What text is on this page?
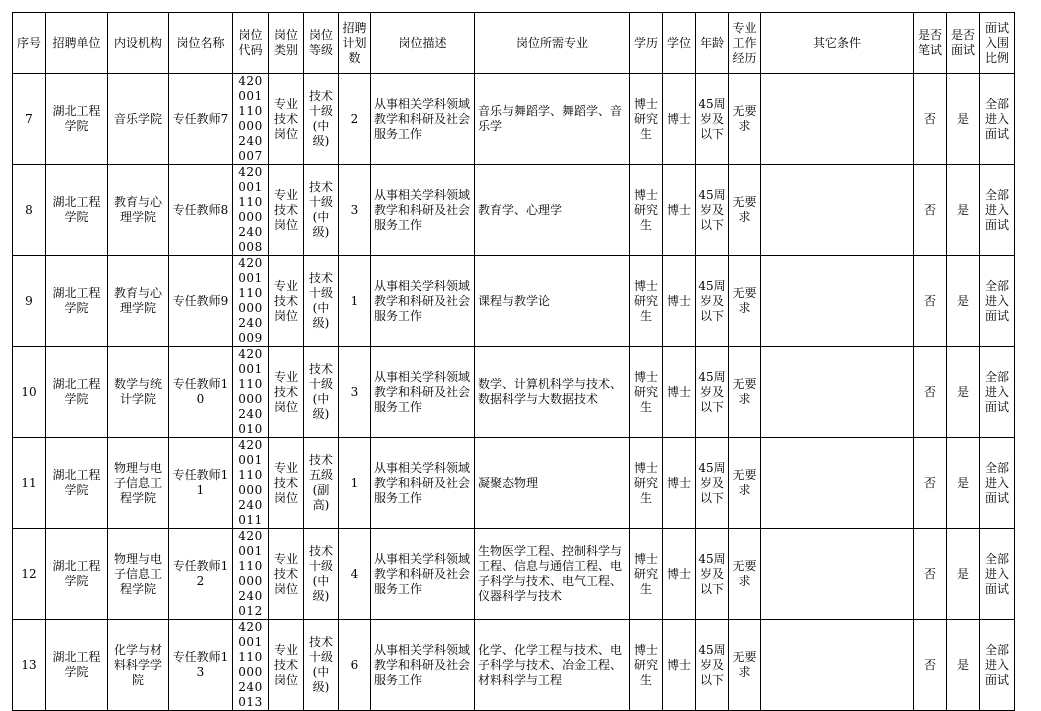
序号	招聘单位	内设机构	岗位名称	岗位代码	岗位类别	岗位等级	招聘计划数	岗位描述	岗位所需专业	学历	学位	年龄	专业工作经历	其它条件	是否笔试	是否面试	面试入围比例
7	湖北工程学院	音乐学院	专任教师7	420001110000240007	专业技术岗位	技术十级(中级)	2	从事相关学科领域教学和科研及社会服务工作	音乐与舞蹈学、舞蹈学、音乐学	博士研究生	博士	45周岁及以下	无要求		否	是	全部进入面试
8	湖北工程学院	教育与心理学院	专任教师8	420001110000240008	专业技术岗位	技术十级(中级)	3	从事相关学科领域教学和科研及社会服务工作	教育学、心理学	博士研究生	博士	45周岁及以下	无要求		否	是	全部进入面试
9	湖北工程学院	教育与心理学院	专任教师9	420001110000240009	专业技术岗位	技术十级(中级)	1	从事相关学科领域教学和科研及社会服务工作	课程与教学论	博士研究生	博士	45周岁及以下	无要求		否	是	全部进入面试
10	湖北工程学院	数学与统计学院	专任教师10	420001110000240010	专业技术岗位	技术十级(中级)	3	从事相关学科领域教学和科研及社会服务工作	数学、计算机科学与技术、数据科学与大数据技术	博士研究生	博士	45周岁及以下	无要求		否	是	全部进入面试
11	湖北工程学院	物理与电子信息工程学院	专任教师11	420001110000240011	专业技术岗位	技术五级(副高)	1	从事相关学科领域教学和科研及社会服务工作	凝聚态物理	博士研究生	博士	45周岁及以下	无要求		否	是	全部进入面试
12	湖北工程学院	物理与电子信息工程学院	专任教师12	420001110000240012	专业技术岗位	技术十级(中级)	4	从事相关学科领域教学和科研及社会服务工作	生物医学工程、控制科学与工程、信息与通信工程、电子科学与技术、电气工程、仪器科学与技术	博士研究生	博士	45周岁及以下	无要求		否	是	全部进入面试
13	湖北工程学院	化学与材料科学学院	专任教师13	420001110000240013	专业技术岗位	技术十级(中级)	6	从事相关学科领域教学和科研及社会服务工作	化学、化学工程与技术、电子科学与技术、冶金工程、材料科学与工程	博士研究生	博士	45周岁及以下	无要求		否	是	全部进入面试
